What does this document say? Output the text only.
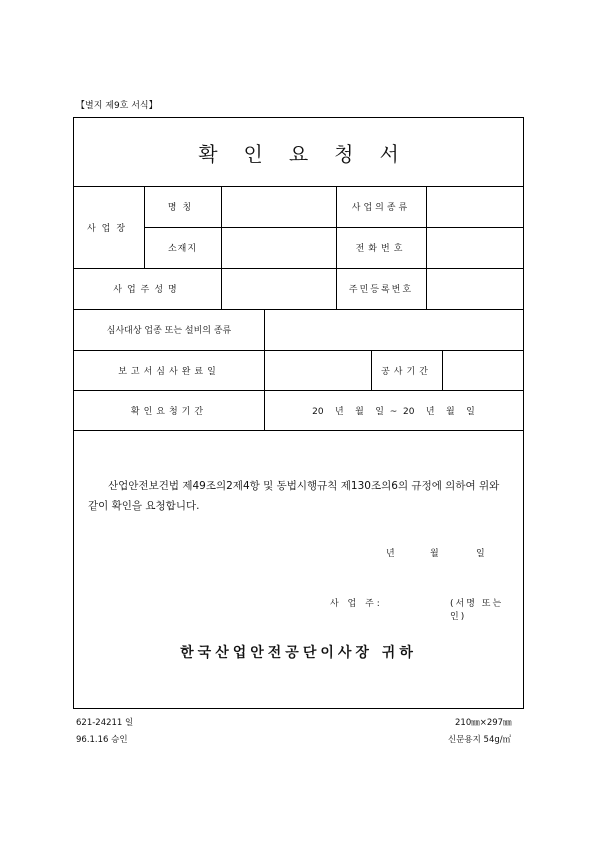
【별지 제9호 서식】
확인요청서
사업장
명칭	사업의종류
소재지	전화번호
사업주성명	주민등록번호
심사대상 업종 또는 설비의 종류
보고서심사완료일	공사기간
확인요청기간	20    년    월    일  ~  20    년    월    일
산업안전보건법 제49조의2제4항 및 동법시행규칙 제130조의6의 규정에 의하여 위와 같이 확인을 요청합니다.
년	월	일
사 업 주:	(서명 또는 인)
한국산업안전공단이사장 귀하
621-24211 일
96.1.16 승인
210㎜×297㎜
신문용지 54g/㎡
